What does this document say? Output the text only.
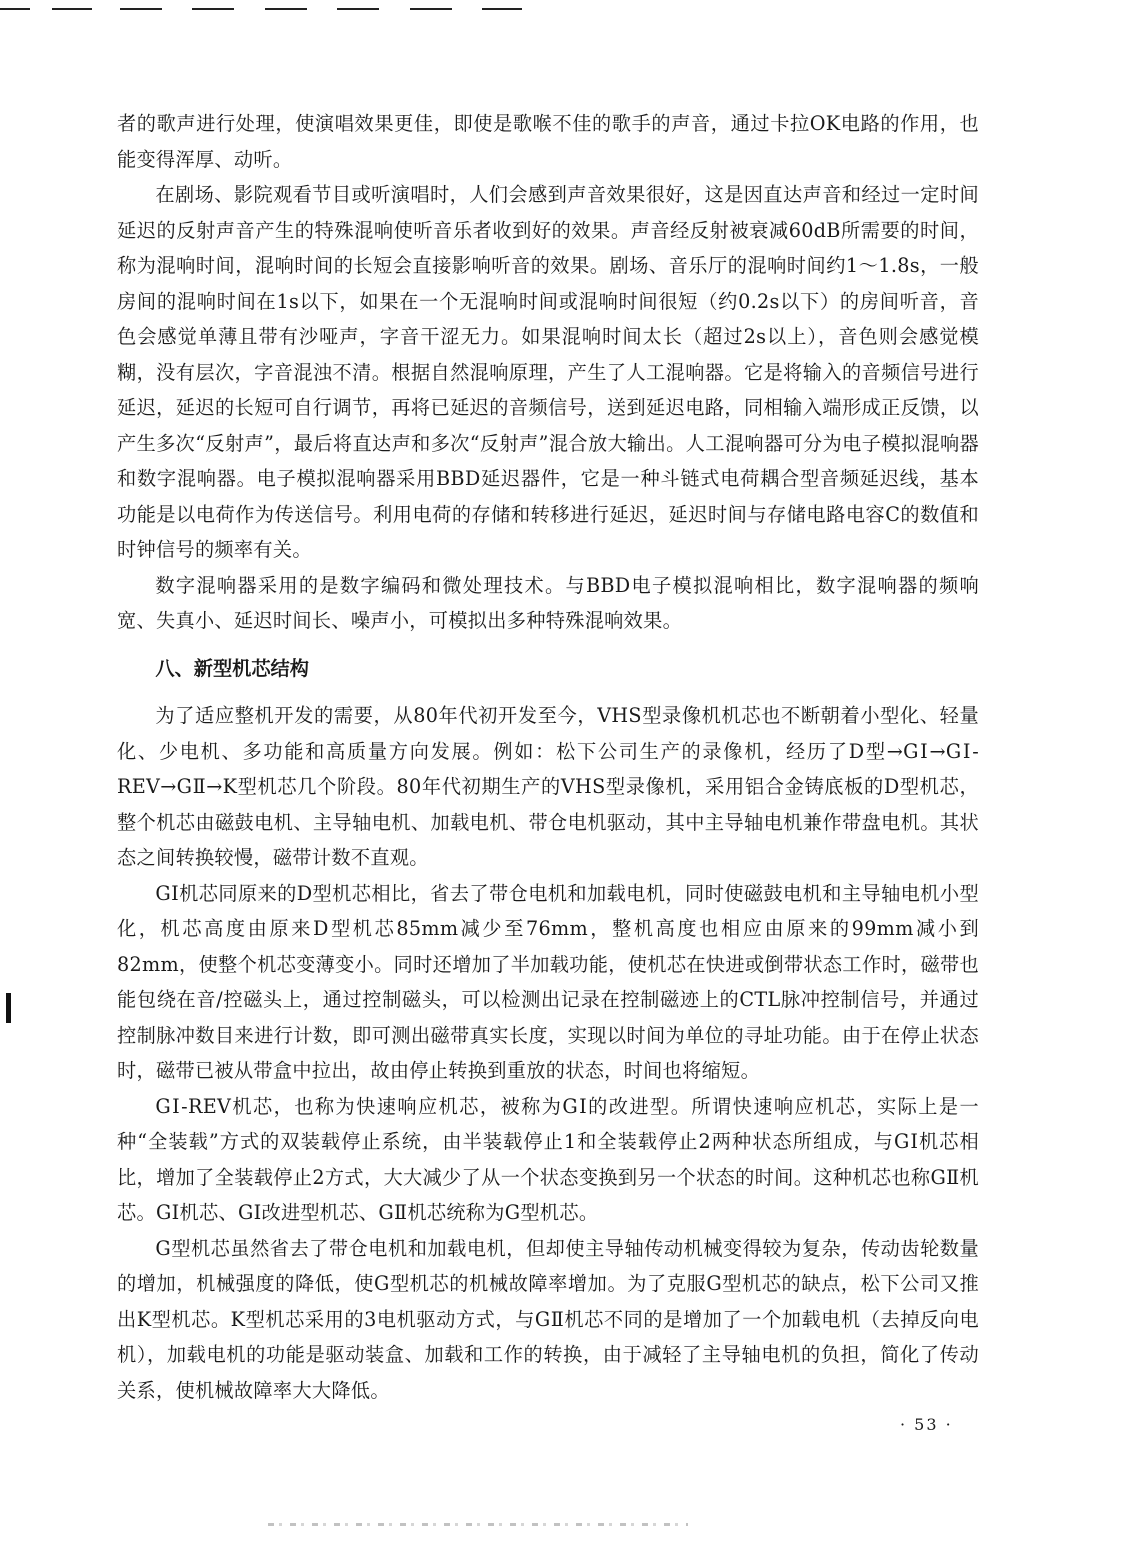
者的歌声进行处理，使演唱效果更佳，即使是歌喉不佳的歌手的声音，通过卡拉OK电路的作用，也能变得浑厚、动听。

在剧场、影院观看节目或听演唱时，人们会感到声音效果很好，这是因直达声音和经过一定时间延迟的反射声音产生的特殊混响使听音乐者收到好的效果。声音经反射被衰减60dB所需要的时间，称为混响时间，混响时间的长短会直接影响听音的效果。剧场、音乐厅的混响时间约1～1.8s，一般房间的混响时间在1s以下，如果在一个无混响时间或混响时间很短（约0.2s以下）的房间听音，音色会感觉单薄且带有沙哑声，字音干涩无力。如果混响时间太长（超过2s以上），音色则会感觉模糊，没有层次，字音混浊不清。根据自然混响原理，产生了人工混响器。它是将输入的音频信号进行延迟，延迟的长短可自行调节，再将已延迟的音频信号，送到延迟电路，同相输入端形成正反馈，以产生多次“反射声”，最后将直达声和多次“反射声”混合放大输出。人工混响器可分为电子模拟混响器和数字混响器。电子模拟混响器采用BBD延迟器件，它是一种斗链式电荷耦合型音频延迟线，基本功能是以电荷作为传送信号。利用电荷的存储和转移进行延迟，延迟时间与存储电路电容C的数值和时钟信号的频率有关。

数字混响器采用的是数字编码和微处理技术。与BBD电子模拟混响相比，数字混响器的频响宽、失真小、延迟时间长、噪声小，可模拟出多种特殊混响效果。

八、新型机芯结构

为了适应整机开发的需要，从80年代初开发至今，VHS型录像机机芯也不断朝着小型化、轻量化、少电机、多功能和高质量方向发展。例如：松下公司生产的录像机，经历了D型→GⅠ→GⅠ-REV→GⅡ→K型机芯几个阶段。80年代初期生产的VHS型录像机，采用铝合金铸底板的D型机芯，整个机芯由磁鼓电机、主导轴电机、加载电机、带仓电机驱动，其中主导轴电机兼作带盘电机。其状态之间转换较慢，磁带计数不直观。

GⅠ机芯同原来的D型机芯相比，省去了带仓电机和加载电机，同时使磁鼓电机和主导轴电机小型化，机芯高度由原来D型机芯85mm减少至76mm，整机高度也相应由原来的99mm减小到82mm，使整个机芯变薄变小。同时还增加了半加载功能，使机芯在快进或倒带状态工作时，磁带也能包绕在音/控磁头上，通过控制磁头，可以检测出记录在控制磁迹上的CTL脉冲控制信号，并通过控制脉冲数目来进行计数，即可测出磁带真实长度，实现以时间为单位的寻址功能。由于在停止状态时，磁带已被从带盒中拉出，故由停止转换到重放的状态，时间也将缩短。

GⅠ-REV机芯，也称为快速响应机芯，被称为GⅠ的改进型。所谓快速响应机芯，实际上是一种“全装载”方式的双装载停止系统，由半装载停止1和全装载停止2两种状态所组成，与GⅠ机芯相比，增加了全装载停止2方式，大大减少了从一个状态变换到另一个状态的时间。这种机芯也称GⅡ机芯。GⅠ机芯、GⅠ改进型机芯、GⅡ机芯统称为G型机芯。

G型机芯虽然省去了带仓电机和加载电机，但却使主导轴传动机械变得较为复杂，传动齿轮数量的增加，机械强度的降低，使G型机芯的机械故障率增加。为了克服G型机芯的缺点，松下公司又推出K型机芯。K型机芯采用的3电机驱动方式，与GⅡ机芯不同的是增加了一个加载电机（去掉反向电机），加载电机的功能是驱动装盒、加载和工作的转换，由于减轻了主导轴电机的负担，简化了传动关系，使机械故障率大大降低。

· 53 ·
